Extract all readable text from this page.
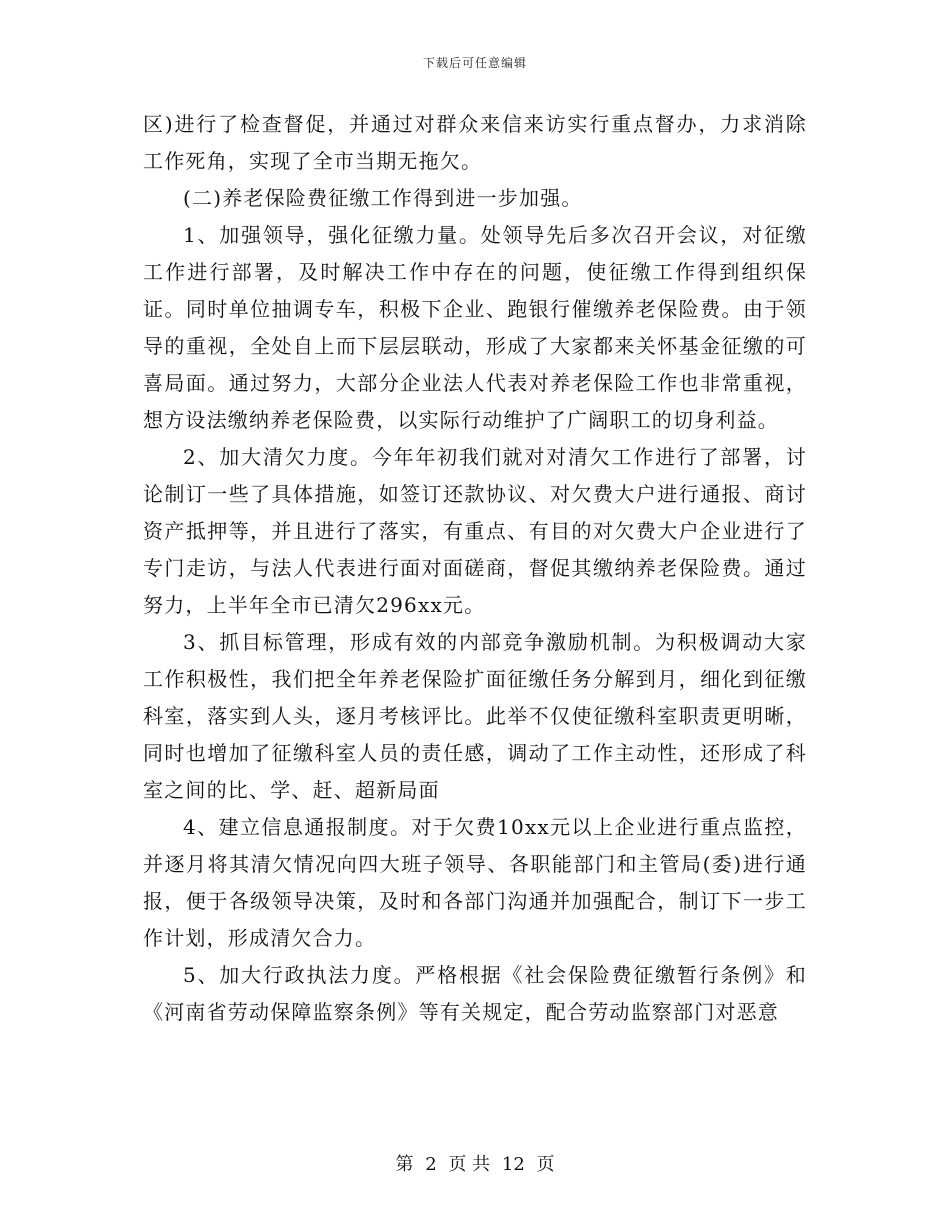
下载后可任意编辑

区)进行了检查督促，并通过对群众来信来访实行重点督办，力求消除工作死角，实现了全市当期无拖欠。

(二)养老保险费征缴工作得到进一步加强。

1、加强领导，强化征缴力量。处领导先后多次召开会议，对征缴工作进行部署，及时解决工作中存在的问题，使征缴工作得到组织保证。同时单位抽调专车，积极下企业、跑银行催缴养老保险费。由于领导的重视，全处自上而下层层联动，形成了大家都来关怀基金征缴的可喜局面。通过努力，大部分企业法人代表对养老保险工作也非常重视，想方设法缴纳养老保险费，以实际行动维护了广阔职工的切身利益。

2、加大清欠力度。今年年初我们就对对清欠工作进行了部署，讨论制订一些了具体措施，如签订还款协议、对欠费大户进行通报、商讨资产抵押等，并且进行了落实，有重点、有目的对欠费大户企业进行了专门走访，与法人代表进行面对面磋商，督促其缴纳养老保险费。通过努力，上半年全市已清欠296xx元。

3、抓目标管理，形成有效的内部竞争激励机制。为积极调动大家工作积极性，我们把全年养老保险扩面征缴任务分解到月，细化到征缴科室，落实到人头，逐月考核评比。此举不仅使征缴科室职责更明晰，同时也增加了征缴科室人员的责任感，调动了工作主动性，还形成了科室之间的比、学、赶、超新局面

4、建立信息通报制度。对于欠费10xx元以上企业进行重点监控，并逐月将其清欠情况向四大班子领导、各职能部门和主管局(委)进行通报，便于各级领导决策，及时和各部门沟通并加强配合，制订下一步工作计划，形成清欠合力。

5、加大行政执法力度。严格根据《社会保险费征缴暂行条例》和《河南省劳动保障监察条例》等有关规定，配合劳动监察部门对恶意

第 2 页 共 12 页
